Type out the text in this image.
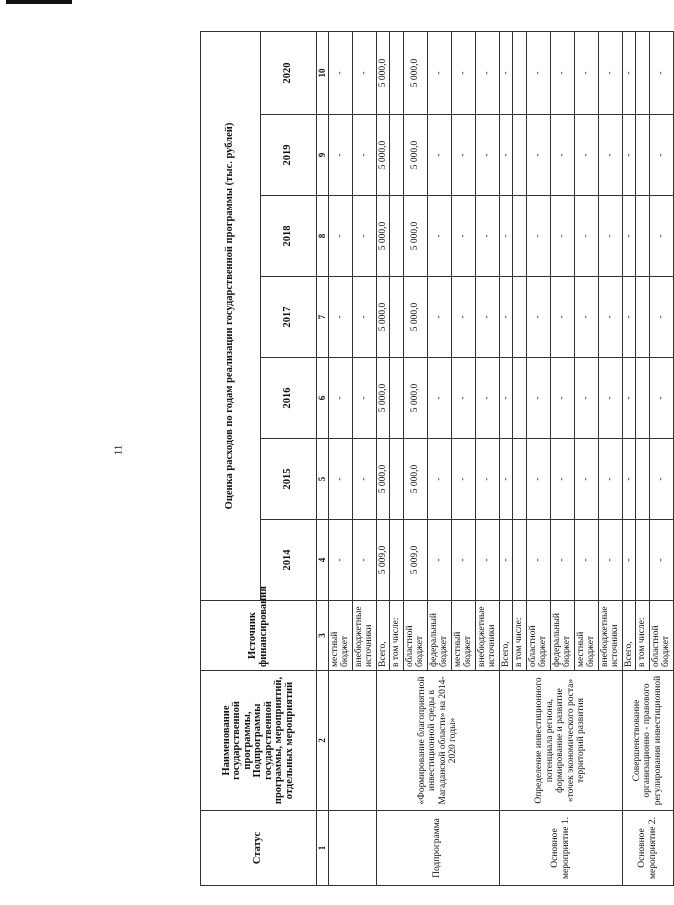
11
Статус	Наименование государственной программы, Подпрограммы государственной программы, мероприятий, отдельных мероприятий	Источник финансирования	Оценка расходов по годам реализации государственной программы (тыс. рублей)						
			2014	2015	2016	2017	2018	2019	2020
1	2	3	4	5	6	7	8	9	10
		местный бюджет	-	-	-	-	-	-	-
		внебюджетные источники	-	-	-	-	-	-	-
Подпрограмма	«Формирование благоприятной инвестиционной среды в Магаданской области» на 2014-2020 годы»	Всего,	5 009,0	5 000,0	5 000,0	5 000,0	5 000,0	5 000,0	5 000,0
		в том числе:							
		областной бюджет	5 009,0	5 000,0	5 000,0	5 000,0	5 000,0	5 000,0	5 000,0
		федеральный бюджет	-	-	-	-	-	-	-
		местный бюджет	-	-	-	-	-	-	-
		внебюджетные источники	-	-	-	-	-	-	-
Основное мероприятие 1.	Определение инвестиционного потенциала региона, формирование и развитие «точек экономического роста» территорий развития	Всего,	-	-	-	-	-	-	-
		в том числе:							
		областной бюджет	-	-	-	-	-	-	-
		федеральный бюджет	-	-	-	-	-	-	-
		местный бюджет	-	-	-	-	-	-	-
		внебюджетные источники	-	-	-	-	-	-	-
Основное мероприятие 2.	Совершенствование организационно - правового регулирования инвестиционной	Всего,	-	-	-	-	-	-	-
		в том числе:							
		областной бюджет	-	-	-	-	-	-	-
